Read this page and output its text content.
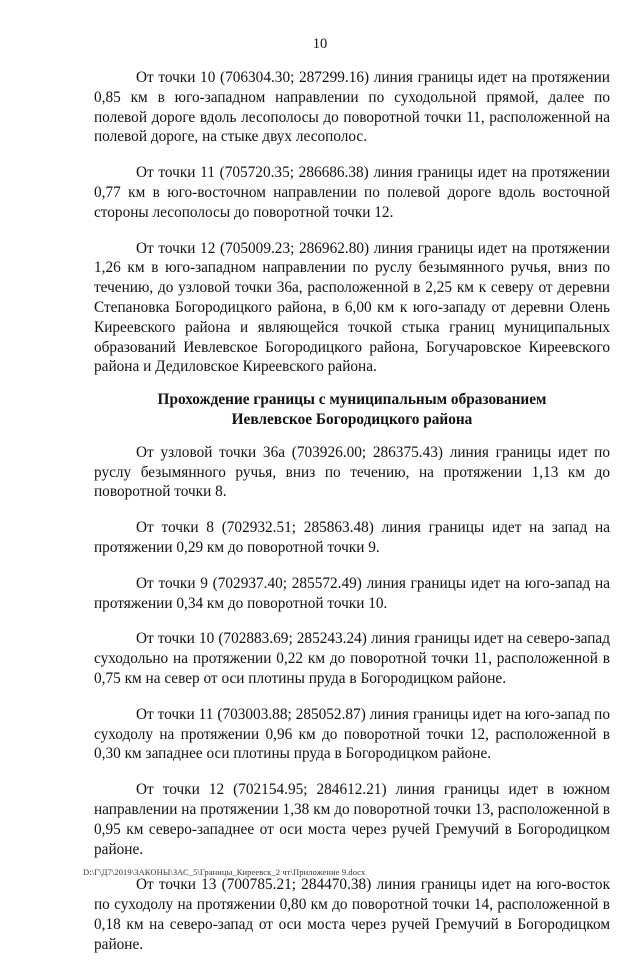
10

От точки 10 (706304.30; 287299.16) линия границы идет на протяжении 0,85 км в юго-западном направлении по суходольной прямой, далее по полевой дороге вдоль лесополосы до поворотной точки 11, расположенной на полевой дороге, на стыке двух лесополос.

От точки 11 (705720.35; 286686.38) линия границы идет на протяжении 0,77 км в юго-восточном направлении по полевой дороге вдоль восточной стороны лесополосы до поворотной точки 12.

От точки 12 (705009.23; 286962.80) линия границы идет на протяжении 1,26 км в юго-западном направлении по руслу безымянного ручья, вниз по течению, до узловой точки 36а, расположенной в 2,25 км к северу от деревни Степановка Богородицкого района, в 6,00 км к юго-западу от деревни Олень Киреевского района и являющейся точкой стыка границ муниципальных образований Иевлевское Богородицкого района, Богучаровское Киреевского района и Дедиловское Киреевского района.

Прохождение границы с муниципальным образованием
Иевлевское Богородицкого района

От узловой точки 36а (703926.00; 286375.43) линия границы идет по руслу безымянного ручья, вниз по течению, на протяжении 1,13 км до поворотной точки 8.

От точки 8 (702932.51; 285863.48) линия границы идет на запад на протяжении 0,29 км до поворотной точки 9.

От точки 9 (702937.40; 285572.49) линия границы идет на юго-запад на протяжении 0,34 км до поворотной точки 10.

От точки 10 (702883.69; 285243.24) линия границы идет на северо-запад суходольно на протяжении 0,22 км до поворотной точки 11, расположенной в 0,75 км на север от оси плотины пруда в Богородицком районе.

От точки 11 (703003.88; 285052.87) линия границы идет на юго-запад по суходолу на протяжении 0,96 км до поворотной точки 12, расположенной в 0,30 км западнее оси плотины пруда в Богородицком районе.

От точки 12 (702154.95; 284612.21) линия границы идет в южном направлении на протяжении 1,38 км до поворотной точки 13, расположенной в 0,95 км северо-западнее от оси моста через ручей Гремучий в Богородицком районе.

От точки 13 (700785.21; 284470.38) линия границы идет на юго-восток по суходолу на протяжении 0,80 км до поворотной точки 14, расположенной в 0,18 км на северо-запад от оси моста через ручей Гремучий в Богородицком районе.

D:\Г\Д7\2019\ЗАКОНЫ\ЗАС_5\Границы_Киреевск_2 чт\Приложение 9.docx
